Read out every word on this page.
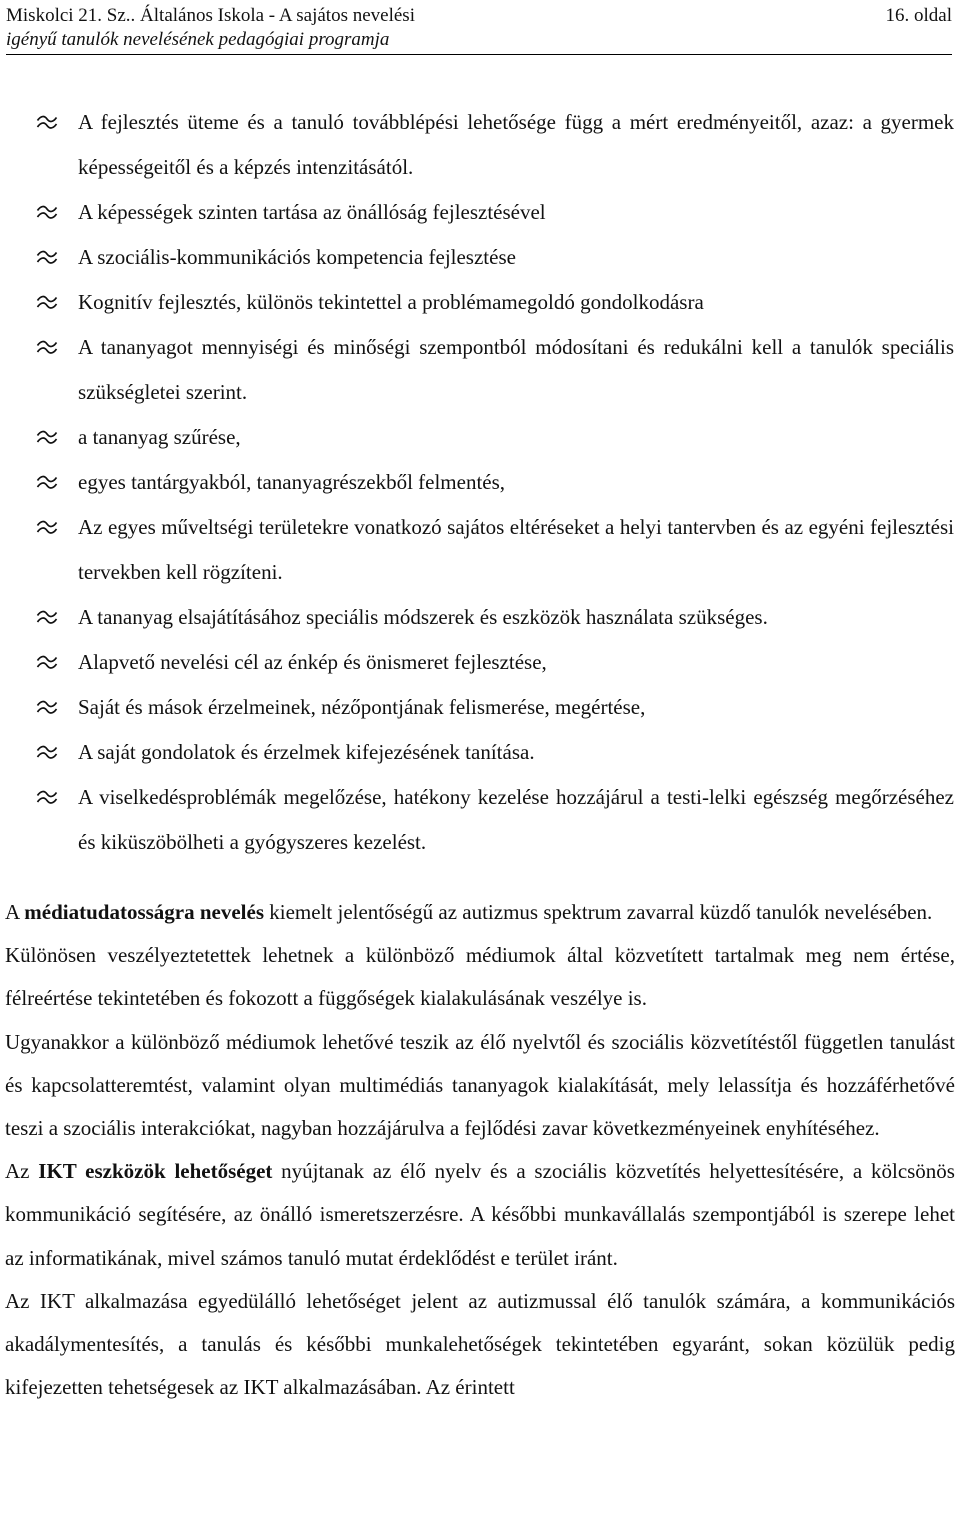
Miskolci 21. Sz.. Általános Iskola - A sajátos nevelési
igényű tanulók nevelésének pedagógiai programja
16. oldal
A fejlesztés üteme és a tanuló továbblépési lehetősége függ a mért eredményeitől, azaz: a gyermek képességeitől és a képzés intenzitásától.
A képességek szinten tartása az önállóság fejlesztésével
A szociális-kommunikációs kompetencia fejlesztése
Kognitív fejlesztés, különös tekintettel a problémamegoldó gondolkodásra
A tananyagot mennyiségi és minőségi szempontból módosítani és redukálni kell a tanulók speciális szükségletei szerint.
a tananyag szűrése,
egyes tantárgyakból, tananyagrészekből felmentés,
Az egyes műveltségi területekre vonatkozó sajátos eltéréseket a helyi tantervben és az egyéni fejlesztési tervekben kell rögzíteni.
A tananyag elsajátításához speciális módszerek és eszközök használata szükséges.
Alapvető nevelési cél az énkép és önismeret fejlesztése,
Saját és mások érzelmeinek, nézőpontjának felismerése, megértése,
A saját gondolatok és érzelmek kifejezésének tanítása.
A viselkedésproblémák megelőzése, hatékony kezelése hozzájárul a testi-lelki egészség megőrzéséhez és kiküszöbölheti a gyógyszeres kezelést.

A médiatudatosságra nevelés kiemelt jelentőségű az autizmus spektrum zavarral küzdő tanulók nevelésében.

Különösen veszélyeztetettek lehetnek a különböző médiumok által közvetített tartalmak meg nem értése, félreértése tekintetében és fokozott a függőségek kialakulásának veszélye is.

Ugyanakkor a különböző médiumok lehetővé teszik az élő nyelvtől és szociális közvetítéstől független tanulást és kapcsolatteremtést, valamint olyan multimédiás tananyagok kialakítását, mely lelassítja és hozzáférhetővé teszi a szociális interakciókat, nagyban hozzájárulva a fejlődési zavar következményeinek enyhítéséhez.

Az IKT eszközök lehetőséget nyújtanak az élő nyelv és a szociális közvetítés helyettesítésére, a kölcsönös kommunikáció segítésére, az önálló ismeretszerzésre. A későbbi munkavállalás szempontjából is szerepe lehet az informatikának, mivel számos tanuló mutat érdeklődést e terület iránt.

Az IKT alkalmazása egyedülálló lehetőséget jelent az autizmussal élő tanulók számára, a kommunikációs akadálymentesítés, a tanulás és későbbi munkalehetőségek tekintetében egyaránt, sokan közülük pedig kifejezetten tehetségesek az IKT alkalmazásában. Az érintett
